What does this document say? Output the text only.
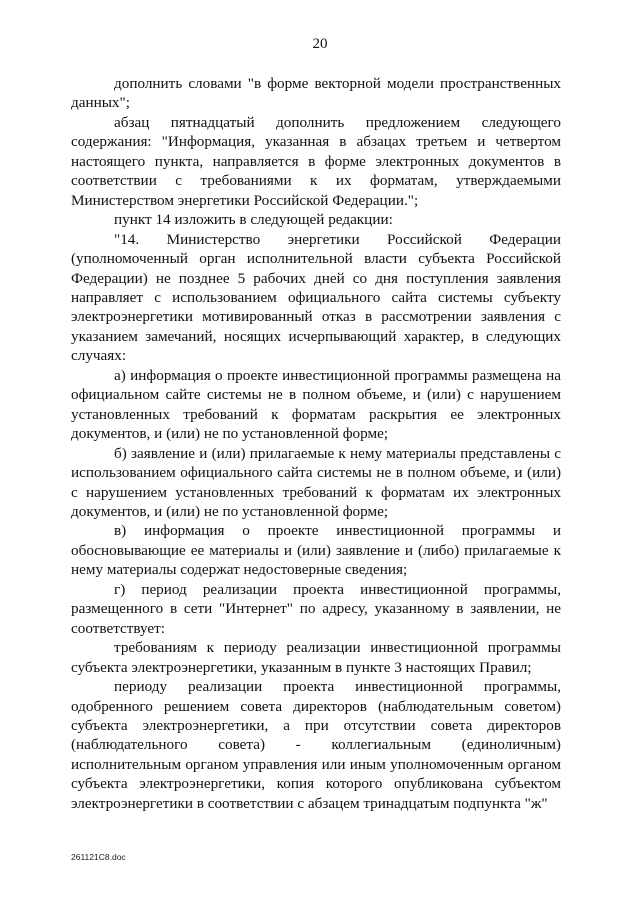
20

дополнить словами "в форме векторной модели пространственных данных";

абзац пятнадцатый дополнить предложением следующего содержания: "Информация, указанная в абзацах третьем и четвертом настоящего пункта, направляется в форме электронных документов в соответствии с требованиями к их форматам, утверждаемыми Министерством энергетики Российской Федерации.";

пункт 14 изложить в следующей редакции:

"14. Министерство энергетики Российской Федерации (уполномоченный орган исполнительной власти субъекта Российской Федерации) не позднее 5 рабочих дней со дня поступления заявления направляет с использованием официального сайта системы субъекту электроэнергетики мотивированный отказ в рассмотрении заявления с указанием замечаний, носящих исчерпывающий характер, в следующих случаях:

а) информация о проекте инвестиционной программы размещена на официальном сайте системы не в полном объеме, и (или) с нарушением установленных требований к форматам раскрытия ее электронных документов, и (или) не по установленной форме;

б) заявление и (или) прилагаемые к нему материалы представлены с использованием официального сайта системы не в полном объеме, и (или) с нарушением установленных требований к форматам их электронных документов, и (или) не по установленной форме;

в) информация о проекте инвестиционной программы и обосновывающие ее материалы и (или) заявление и (либо) прилагаемые к нему материалы содержат недостоверные сведения;

г) период реализации проекта инвестиционной программы, размещенного в сети "Интернет" по адресу, указанному в заявлении, не соответствует:

требованиям к периоду реализации инвестиционной программы субъекта электроэнергетики, указанным в пункте 3 настоящих Правил;

периоду реализации проекта инвестиционной программы, одобренного решением совета директоров (наблюдательным советом) субъекта электроэнергетики, а при отсутствии совета директоров (наблюдательного совета) - коллегиальным (единоличным) исполнительным органом управления или иным уполномоченным органом субъекта электроэнергетики, копия которого опубликована субъектом электроэнергетики в соответствии с абзацем тринадцатым подпункта "ж"

261121C8.doc
